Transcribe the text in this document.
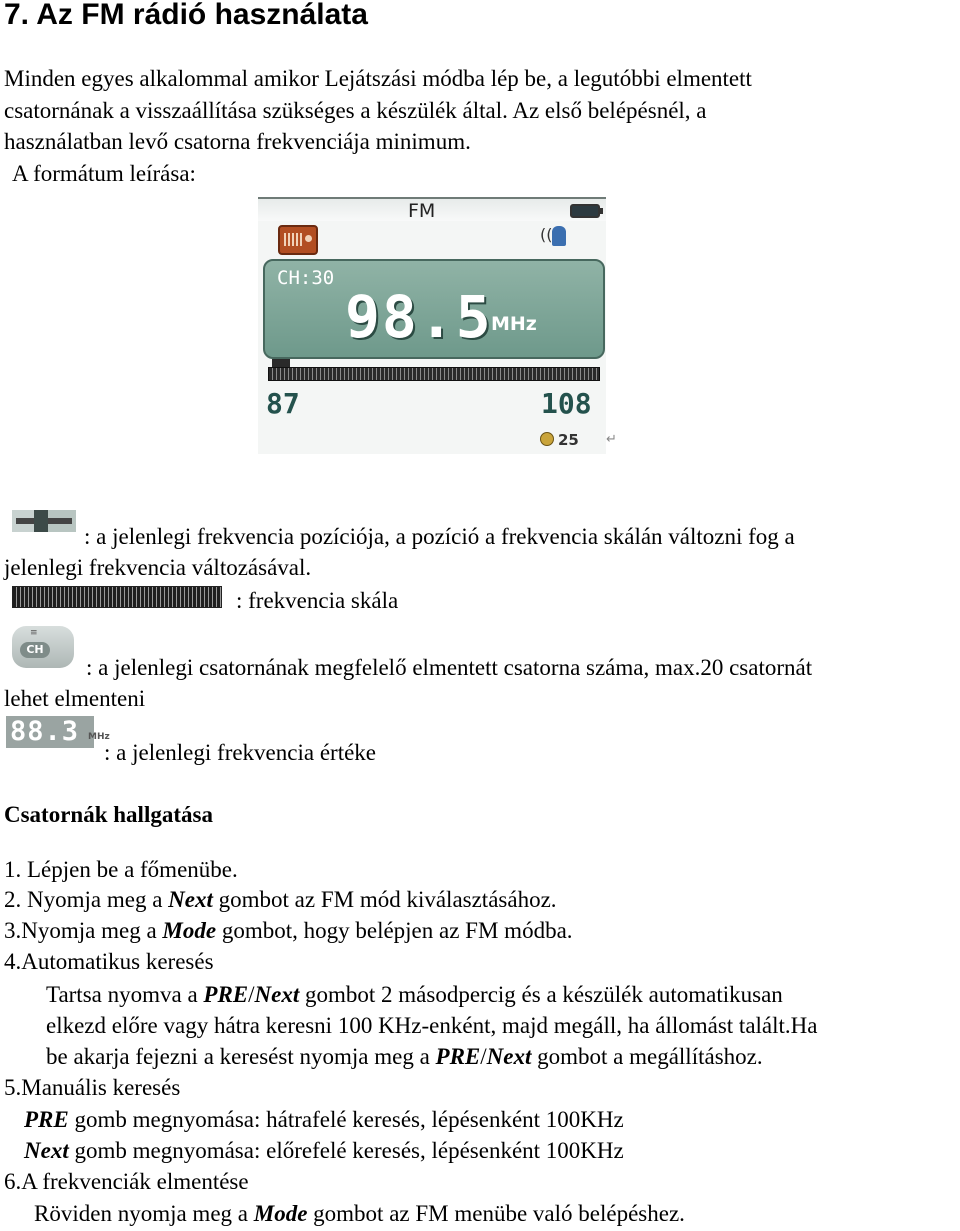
7. Az FM rádió használata
Minden egyes alkalommal amikor Lejátszási módba lép be, a legutóbbi elmentett
csatornának a visszaállítása szükséges a készülék által. Az első belépésnél, a
használatban levő csatorna frekvenciája minimum.
A formátum leírása:
FM
((
CH:30
98.5
MHz
87	108
25 ↵
: a jelenlegi frekvencia pozíciója, a pozíció a frekvencia skálán változni fog a
jelenlegi frekvencia változásával.
: frekvencia skála
≡
CH
: a jelenlegi csatornának megfelelő elmentett csatorna száma, max.20 csatornát
lehet elmenteni
88.3 MHz
: a jelenlegi frekvencia értéke
Csatornák hallgatása
1. Lépjen be a főmenübe.
2. Nyomja meg a Next gombot az FM mód kiválasztásához.
3.Nyomja meg a Mode gombot, hogy belépjen az FM módba.
4.Automatikus keresés
Tartsa nyomva a PRE/Next gombot 2 másodpercig és a készülék automatikusan
elkezd előre vagy hátra keresni 100 KHz-enként, majd megáll, ha állomást talált.Ha
be akarja fejezni a keresést nyomja meg a PRE/Next gombot a megállításhoz.
5.Manuális keresés
PRE gomb megnyomása: hátrafelé keresés, lépésenként 100KHz
Next gomb megnyomása: előrefelé keresés, lépésenként 100KHz
6.A frekvenciák elmentése
Röviden nyomja meg a Mode gombot az FM menübe való belépéshez.
